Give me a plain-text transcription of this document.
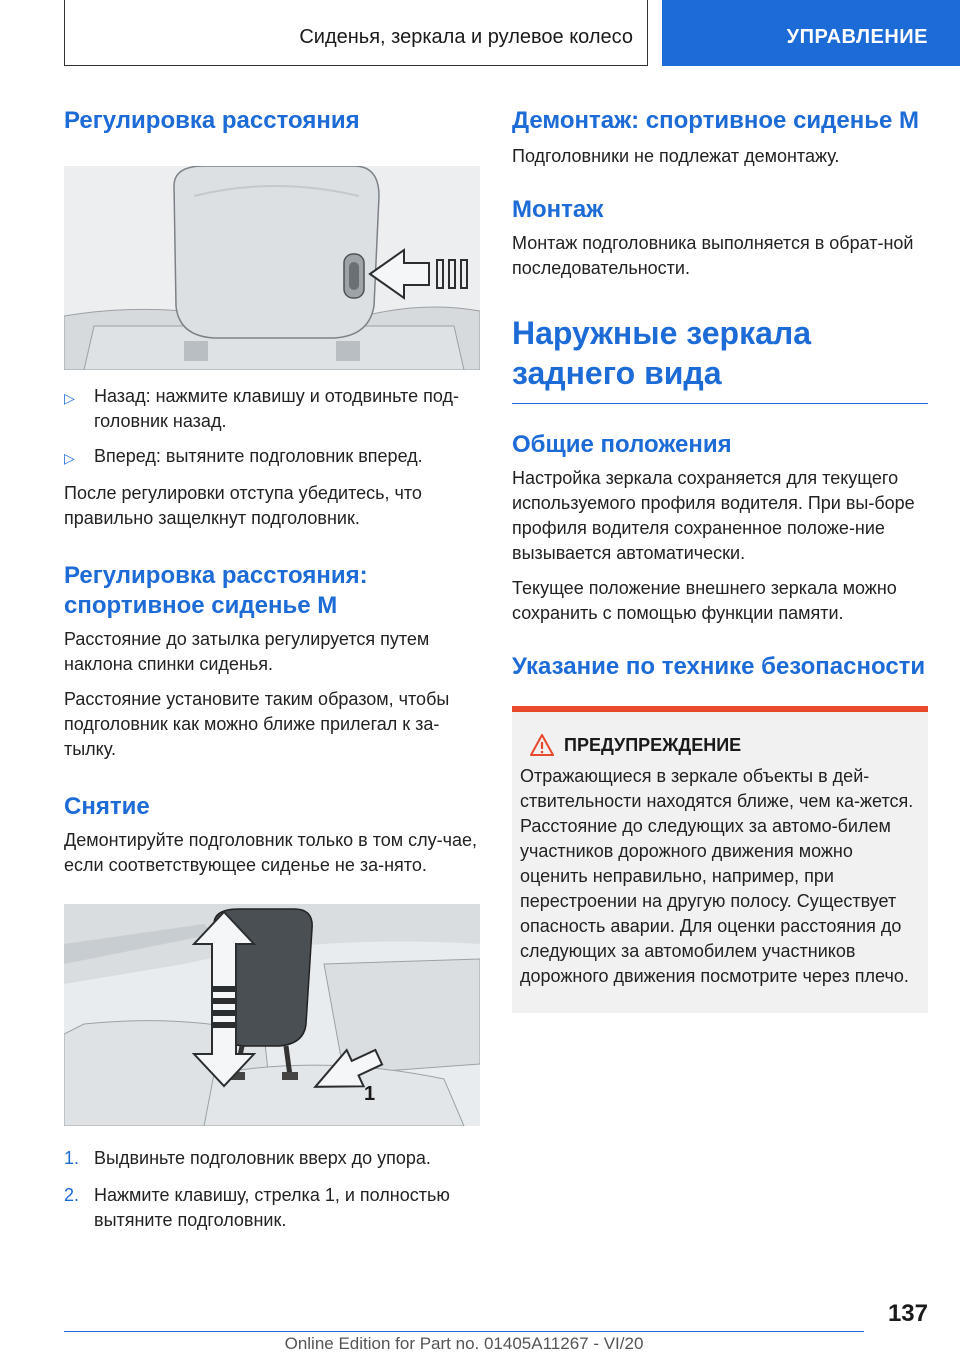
Сиденья, зеркала и рулевое колесо	УПРАВЛЕНИЕ
Регулировка расстояния
▷	Назад: нажмите клавишу и отодвиньте под-головник назад.
▷	Вперед: вытяните подголовник вперед.
После регулировки отступа убедитесь, что правильно защелкнут подголовник.
Регулировка расстояния: спортивное сиденье M
Расстояние до затылка регулируется путем наклона спинки сиденья.
Расстояние установите таким образом, чтобы подголовник как можно ближе прилегал к за-тылку.
Снятие
Демонтируйте подголовник только в том слу-чае, если соответствующее сиденье не за-нято.
1
1. Выдвиньте подголовник вверх до упора.
2. Нажмите клавишу, стрелка 1, и полностью вытяните подголовник.
Демонтаж: спортивное сиденье M
Подголовники не подлежат демонтажу.
Монтаж
Монтаж подголовника выполняется в обрат-ной последовательности.
Наружные зеркала заднего вида
Общие положения
Настройка зеркала сохраняется для текущего используемого профиля водителя. При вы-боре профиля водителя сохраненное положе-ние вызывается автоматически.
Текущее положение внешнего зеркала можно сохранить с помощью функции памяти.
Указание по технике безопасности
ПРЕДУПРЕЖДЕНИЕ
Отражающиеся в зеркале объекты в дей-ствительности находятся ближе, чем ка-жется. Расстояние до следующих за автомо-билем участников дорожного движения можно оценить неправильно, например, при перестроении на другую полосу. Существует опасность аварии. Для оценки расстояния до следующих за автомобилем участников дорожного движения посмотрите через плечо.
137
Online Edition for Part no. 01405A11267 - VI/20
